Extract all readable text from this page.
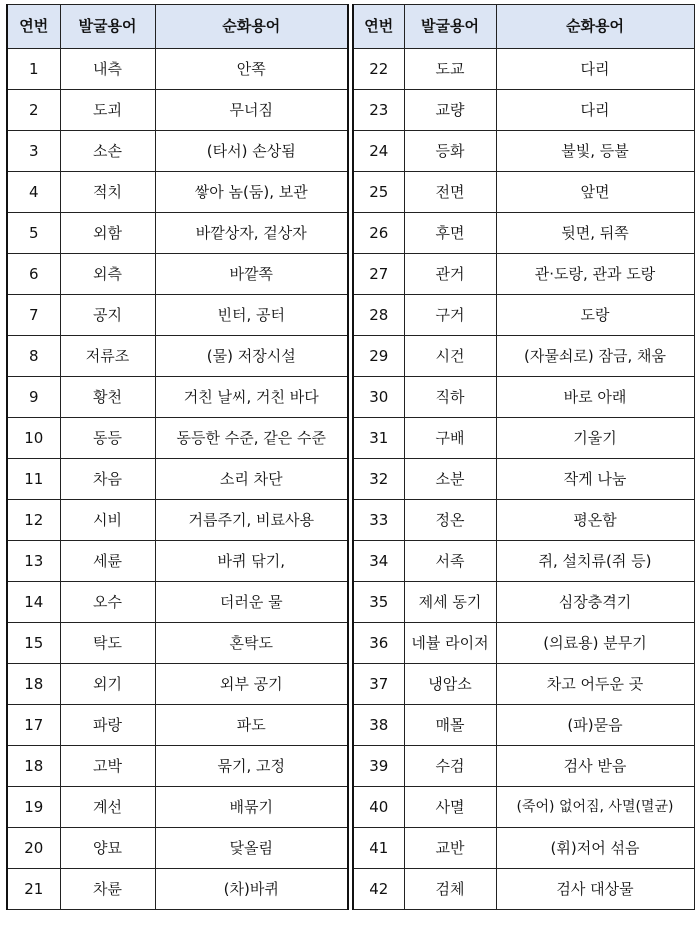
연번	발굴용어	순화용어
1	내측	안쪽
2	도괴	무너짐
3	소손	(타서) 손상됨
4	적치	쌓아 놈(둠), 보관
5	외함	바깥상자, 겉상자
6	외측	바깥쪽
7	공지	빈터, 공터
8	저류조	(물) 저장시설
9	황천	거친 날씨, 거친 바다
10	동등	동등한 수준, 같은 수준
11	차음	소리 차단
12	시비	거름주기, 비료사용
13	세륜	바퀴 닦기,
14	오수	더러운 물
15	탁도	혼탁도
18	외기	외부 공기
17	파랑	파도
18	고박	묶기, 고정
19	계선	배묶기
20	양묘	닻올림
21	차륜	(차)바퀴
연번	발굴용어	순화용어
22	도교	다리
23	교량	다리
24	등화	불빛, 등불
25	전면	앞면
26	후면	뒷면, 뒤쪽
27	관거	관·도랑, 관과 도랑
28	구거	도랑
29	시건	(자물쇠로) 잠금, 채움
30	직하	바로 아래
31	구배	기울기
32	소분	작게 나눔
33	정온	평온함
34	서족	쥐, 설치류(쥐 등)
35	제세 동기	심장충격기
36	네뷸 라이저	(의료용) 분무기
37	냉암소	차고 어두운 곳
38	매몰	(파)묻음
39	수검	검사 받음
40	사멸	(죽어) 없어짐, 사멸(멸균)
41	교반	(휘)저어 섞음
42	검체	검사 대상물
